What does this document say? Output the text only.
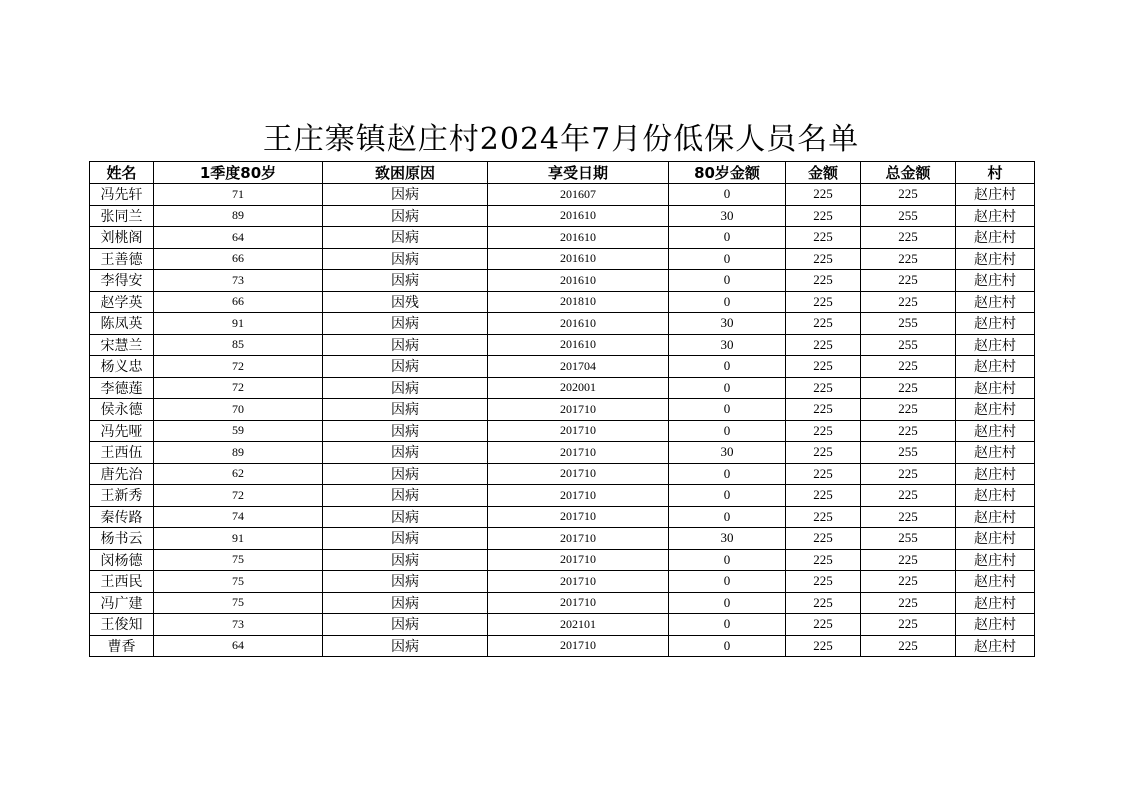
王庄寨镇赵庄村2024年7月份低保人员名单
姓名	1季度80岁	致困原因	享受日期	80岁金额	金额	总金额	村
冯先轩	71	因病	201607	0	225	225	赵庄村
张同兰	89	因病	201610	30	225	255	赵庄村
刘桃阁	64	因病	201610	0	225	225	赵庄村
王善德	66	因病	201610	0	225	225	赵庄村
李得安	73	因病	201610	0	225	225	赵庄村
赵学英	66	因残	201810	0	225	225	赵庄村
陈凤英	91	因病	201610	30	225	255	赵庄村
宋慧兰	85	因病	201610	30	225	255	赵庄村
杨义忠	72	因病	201704	0	225	225	赵庄村
李德莲	72	因病	202001	0	225	225	赵庄村
侯永德	70	因病	201710	0	225	225	赵庄村
冯先哑	59	因病	201710	0	225	225	赵庄村
王西伍	89	因病	201710	30	225	255	赵庄村
唐先治	62	因病	201710	0	225	225	赵庄村
王新秀	72	因病	201710	0	225	225	赵庄村
秦传路	74	因病	201710	0	225	225	赵庄村
杨书云	91	因病	201710	30	225	255	赵庄村
闵杨德	75	因病	201710	0	225	225	赵庄村
王西民	75	因病	201710	0	225	225	赵庄村
冯广建	75	因病	201710	0	225	225	赵庄村
王俊知	73	因病	202101	0	225	225	赵庄村
曹香	64	因病	201710	0	225	225	赵庄村
